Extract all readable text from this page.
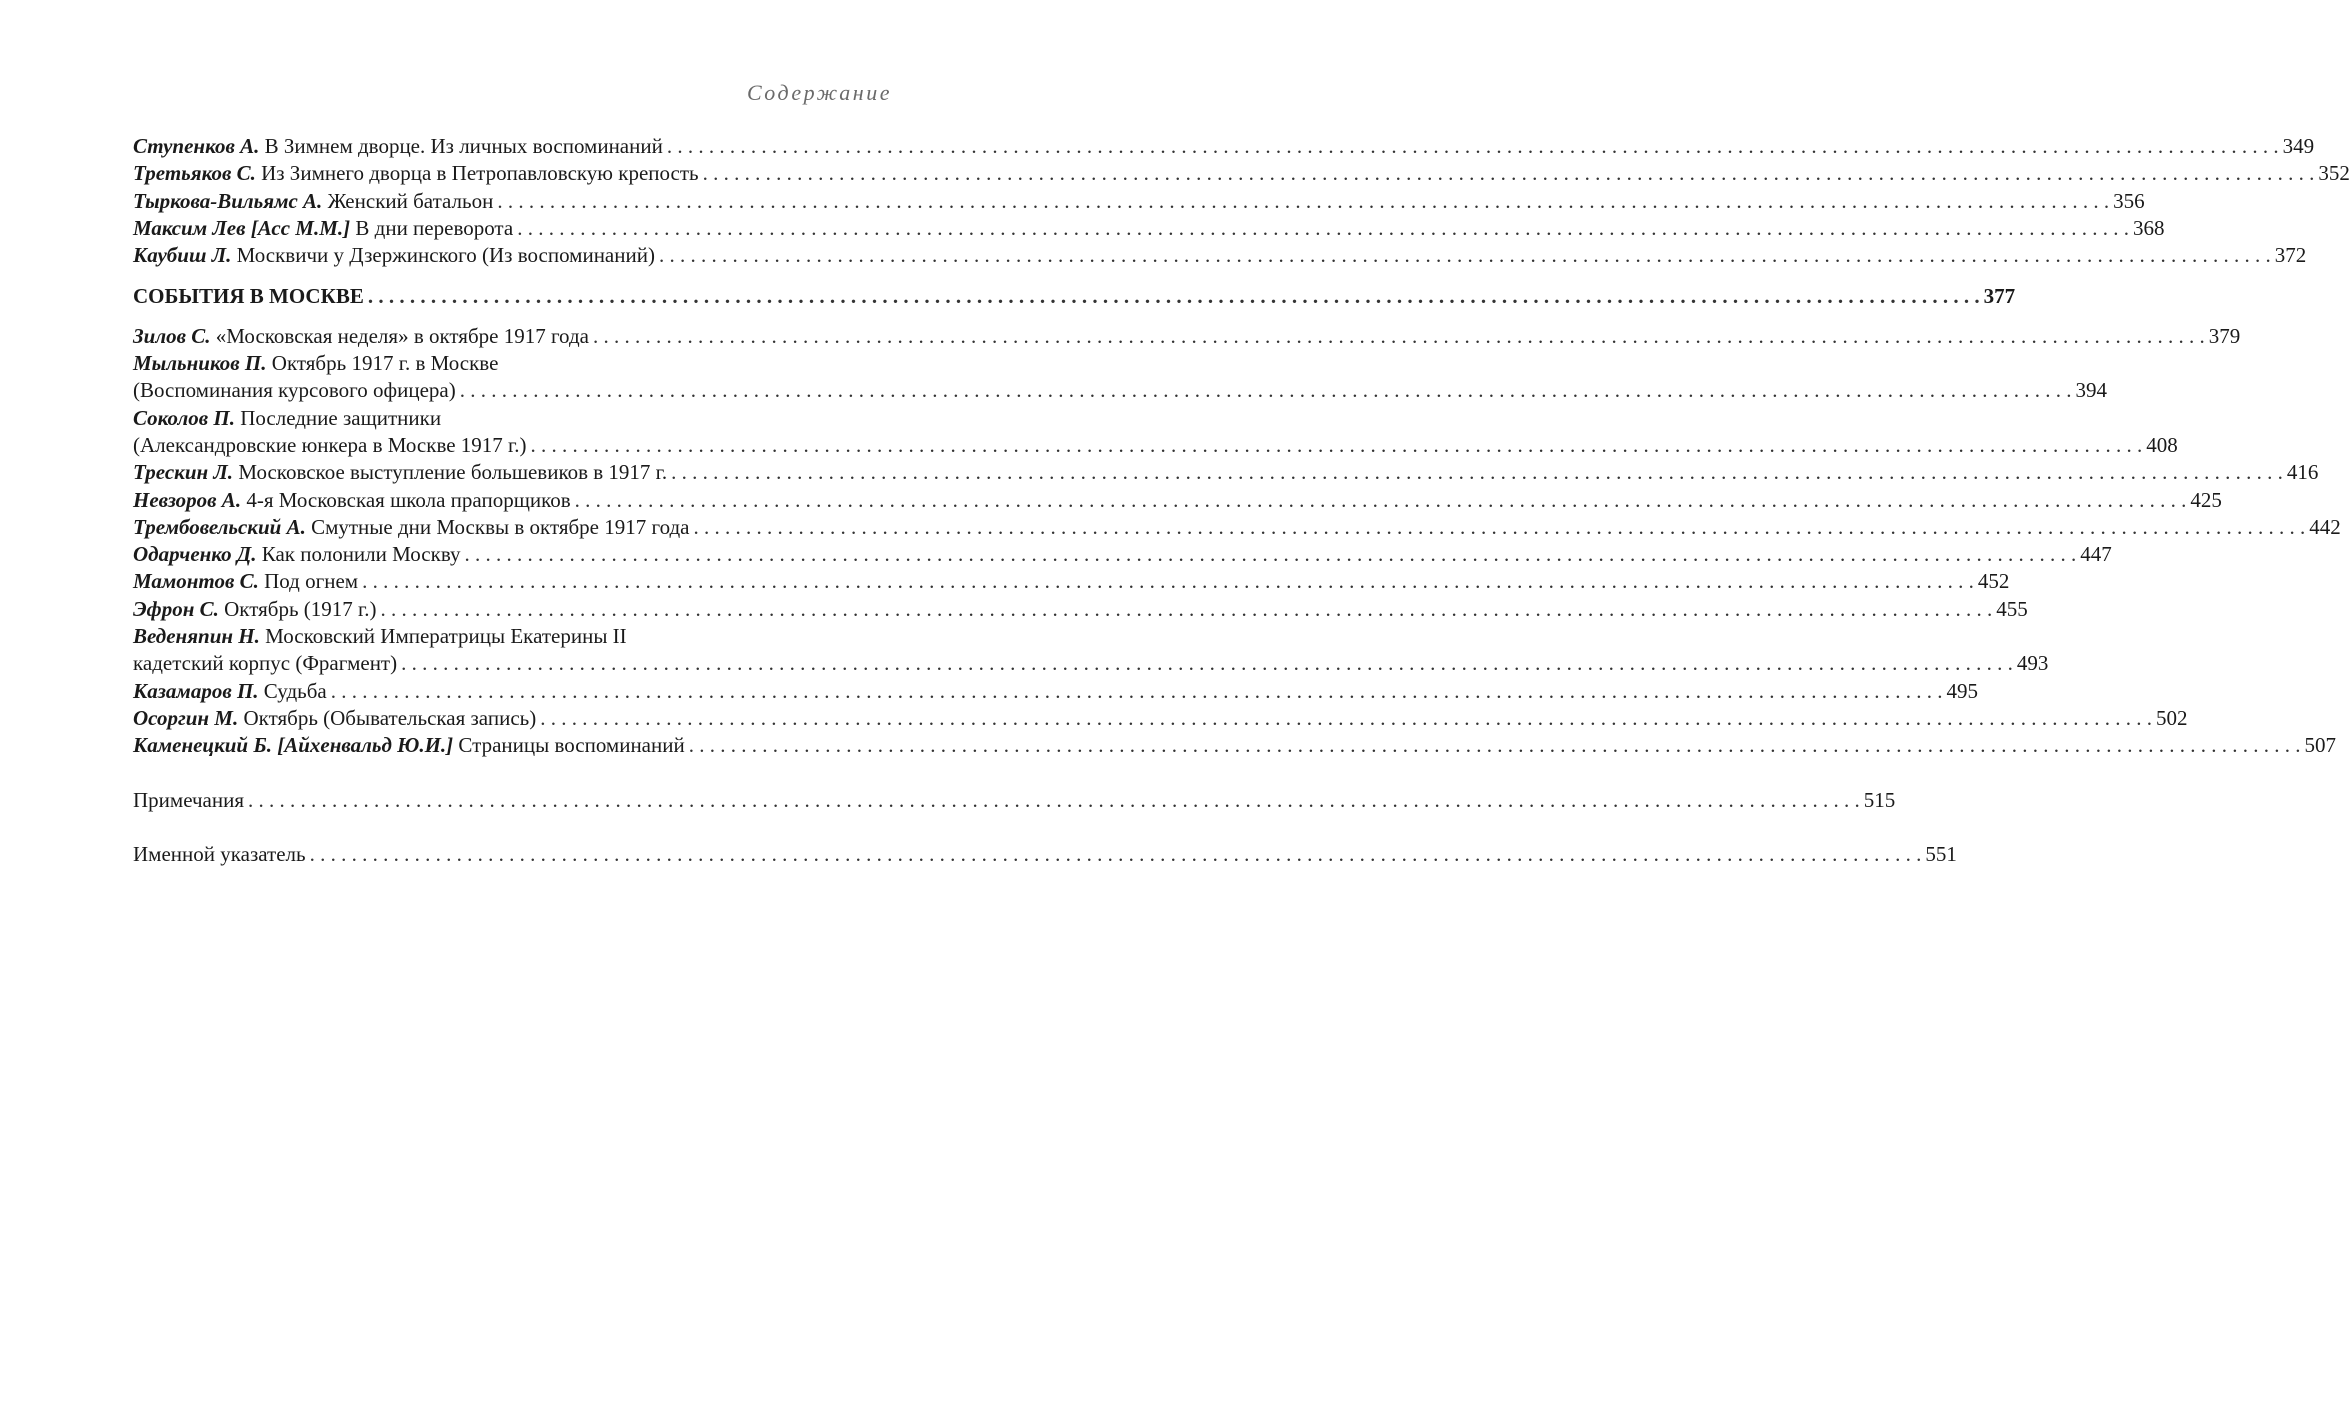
Содержание
Ступенков А. В Зимнем дворце. Из личных воспоминаний . . .	349
Третьяков С. Из Зимнего дворца в Петропавловскую крепость . . .	352
Тыркова-Вильямс А. Женский батальон . . .	356
Максим Лев [Асс М.М.] В дни переворота . . .	368
Каубиш Л. Москвичи у Дзержинского (Из воспоминаний) . . .	372
СОБЫТИЯ В МОСКВЕ . . .	377
Зилов С. «Московская неделя» в октябре 1917 года . . .	379
Мыльников П. Октябрь 1917 г. в Москве
(Воспоминания курсового офицера) . . .	394
Соколов П. Последние защитники
(Александровские юнкера в Москве 1917 г.) . . .	408
Трескин Л. Московское выступление большевиков в 1917 г. . . .	416
Невзоров А. 4-я Московская школа прапорщиков . . .	425
Трембовельский А. Смутные дни Москвы в октябре 1917 года . . .	442
Одарченко Д. Как полонили Москву . . .	447
Мамонтов С. Под огнем . . .	452
Эфрон С. Октябрь (1917 г.) . . .	455
Веденяпин Н. Московский Императрицы Екатерины II
кадетский корпус (Фрагмент) . . .	493
Казамаров П. Судьба . . .	495
Осоргин М. Октябрь (Обывательская запись) . . .	502
Каменецкий Б. [Айхенвальд Ю.И.] Страницы воспоминаний . . .	507
Примечания . . .	515
Именной указатель . . .	551
